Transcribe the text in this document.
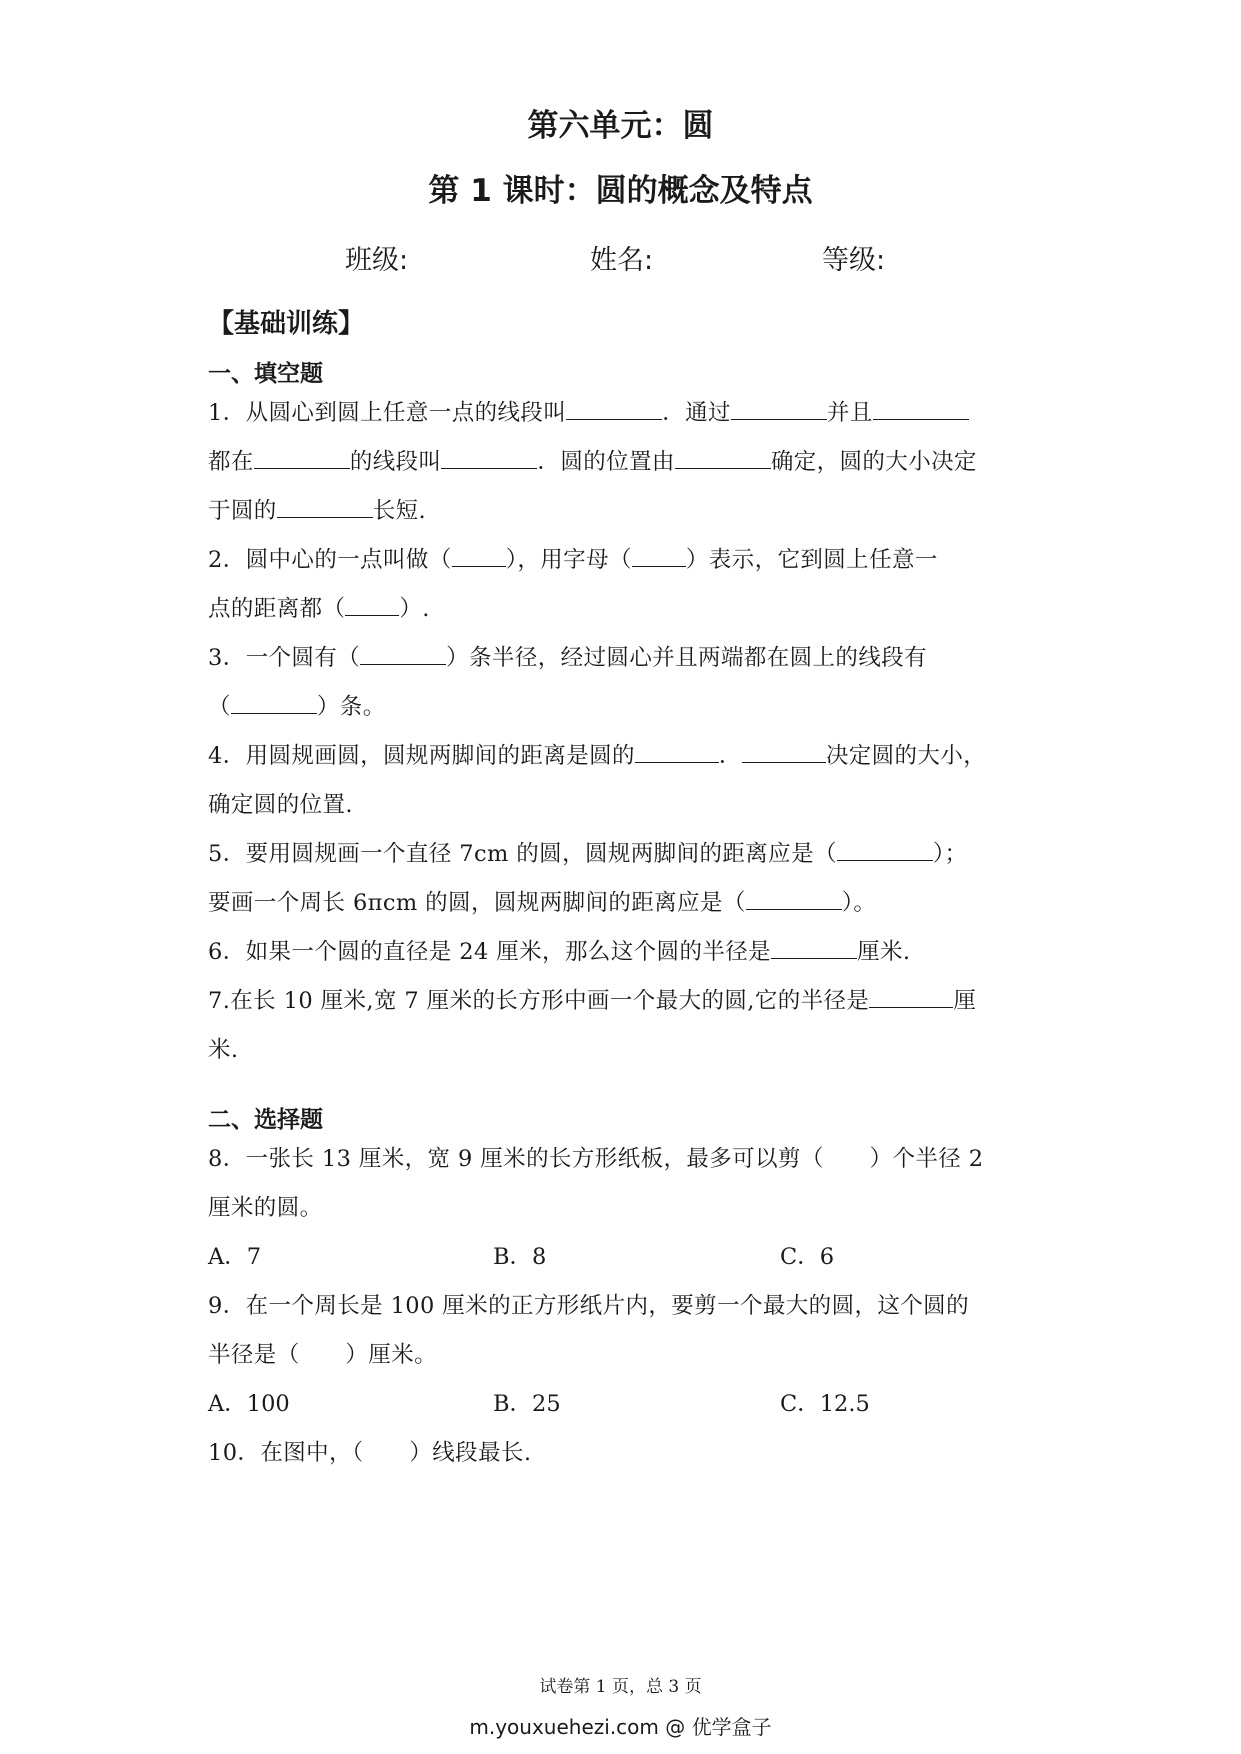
第六单元：圆
第 1 课时：圆的概念及特点
班级:	姓名:	等级:
【基础训练】
一、填空题
1．从圆心到圆上任意一点的线段叫	．通过	并且
都在	的线段叫	．圆的位置由	确定，圆的大小决定
于圆的	长短.
2．圆中心的一点叫做（ ），用字母（ ）表示，它到圆上任意一
点的距离都（ ）.
3．一个圆有（	）条半径，经过圆心并且两端都在圆上的线段有
（	）条。
4．用圆规画圆，圆规两脚间的距离是圆的	．	决定圆的大小，
确定圆的位置.
5．要用圆规画一个直径 7cm 的圆，圆规两脚间的距离应是（	）；
要画一个周长 6πcm 的圆，圆规两脚间的距离应是（	）。
6．如果一个圆的直径是 24 厘米，那么这个圆的半径是	厘米.
7.在长 10 厘米,宽 7 厘米的长方形中画一个最大的圆,它的半径是	厘
米.
二、选择题
8．一张长 13 厘米，宽 9 厘米的长方形纸板，最多可以剪（　　）个半径 2
厘米的圆。
A．7	B．8	C．6
9．在一个周长是 100 厘米的正方形纸片内，要剪一个最大的圆，这个圆的
半径是（　　）厘米。
A．100	B．25	C．12.5
10．在图中，（　　）线段最长.
试卷第 1 页，总 3 页
m.youxuehezi.com @ 优学盒子
